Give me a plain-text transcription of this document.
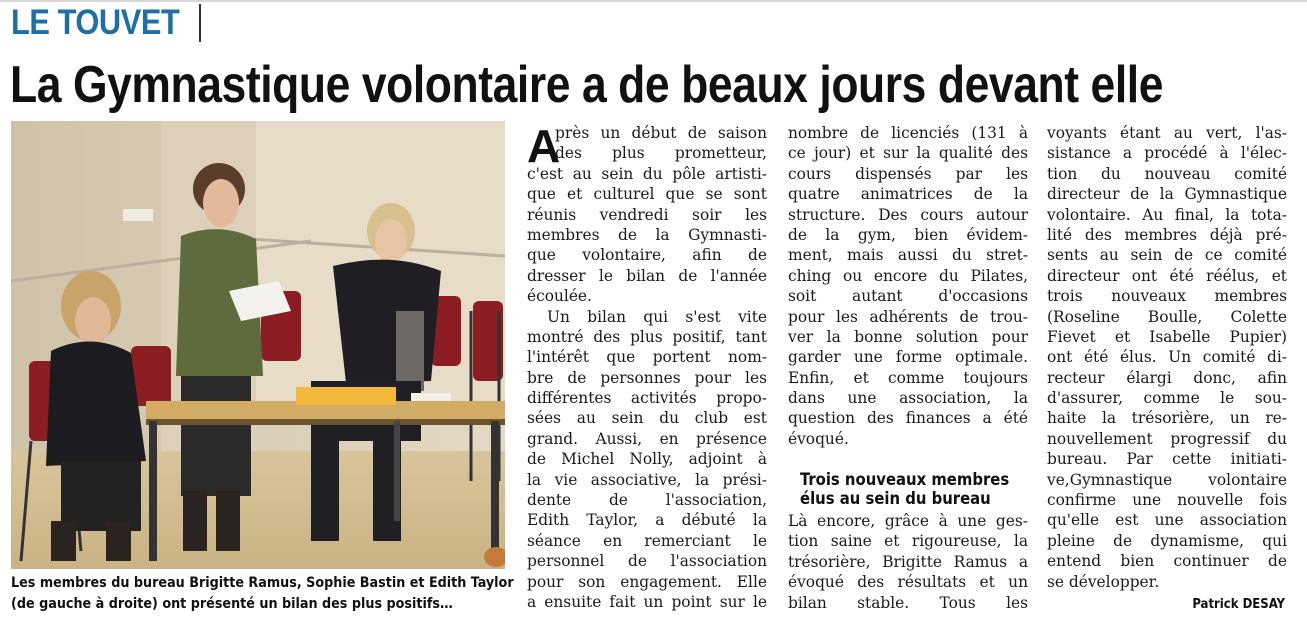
LE TOUVET
La Gymnastique volontaire a de beaux jours devant elle
Les membres du bureau Brigitte Ramus, Sophie Bastin et Edith Taylor
(de gauche à droite) ont présenté un bilan des plus positifs…
A
près un début de saison
des plus prometteur,
c'est au sein du pôle artisti-
que et culturel que se sont
réunis vendredi soir les
membres de la Gymnasti-
que volontaire, afin de
dresser le bilan de l'année
écoulée.
Un bilan qui s'est vite
montré des plus positif, tant
l'intérêt que portent nom-
bre de personnes pour les
différentes activités propo-
sées au sein du club est
grand. Aussi, en présence
de Michel Nolly, adjoint à
la vie associative, la prési-
dente de l'association,
Edith Taylor, a débuté la
séance en remerciant le
personnel de l'association
pour son engagement. Elle
a ensuite fait un point sur le
nombre de licenciés (131 à
ce jour) et sur la qualité des
cours dispensés par les
quatre animatrices de la
structure. Des cours autour
de la gym, bien évidem-
ment, mais aussi du stret-
ching ou encore du Pilates,
soit autant d'occasions
pour les adhérents de trou-
ver la bonne solution pour
garder une forme optimale.
Enfin, et comme toujours
dans une association, la
question des finances a été
évoqué.
Trois nouveaux membres
élus au sein du bureau
Là encore, grâce à une ges-
tion saine et rigoureuse, la
trésorière, Brigitte Ramus a
évoqué des résultats et un
bilan stable. Tous les
voyants étant au vert, l'as-
sistance a procédé à l'élec-
tion du nouveau comité
directeur de la Gymnastique
volontaire. Au final, la tota-
lité des membres déjà pré-
sents au sein de ce comité
directeur ont été réélus, et
trois nouveaux membres
(Roseline Boulle, Colette
Fievet et Isabelle Pupier)
ont été élus. Un comité di-
recteur élargi donc, afin
d'assurer, comme le sou-
haite la trésorière, un re-
nouvellement progressif du
bureau. Par cette initiati-
ve,Gymnastique volontaire
confirme une nouvelle fois
qu'elle est une association
pleine de dynamisme, qui
entend bien continuer de
se développer.
Patrick DESAY
